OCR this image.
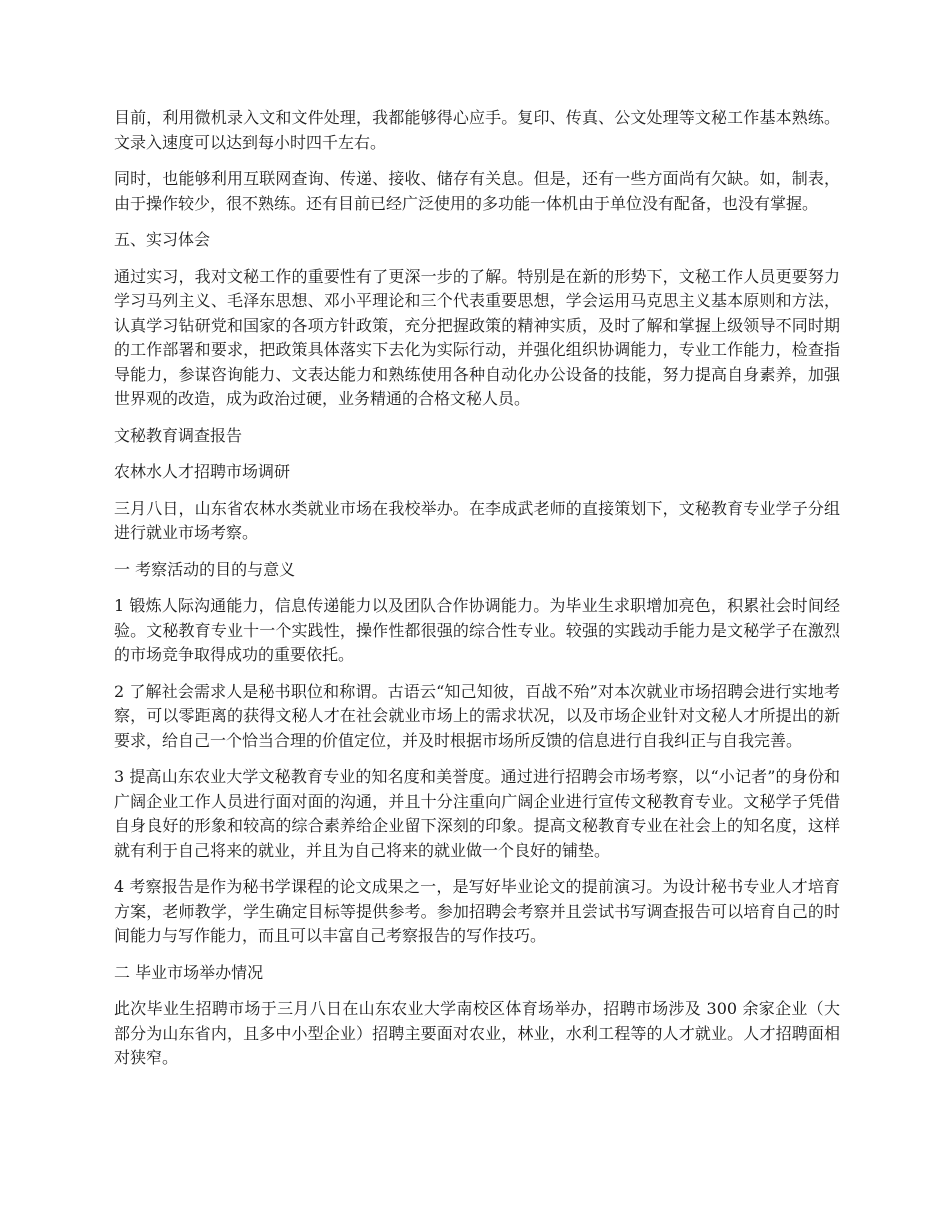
目前，利用微机录入文和文件处理，我都能够得心应手。复印、传真、公文处理等文秘工作基本熟练。文录入速度可以达到每小时四千左右。

同时，也能够利用互联网查询、传递、接收、储存有关息。但是，还有一些方面尚有欠缺。如，制表，由于操作较少，很不熟练。还有目前已经广泛使用的多功能一体机由于单位没有配备，也没有掌握。

五、实习体会

通过实习，我对文秘工作的重要性有了更深一步的了解。特别是在新的形势下，文秘工作人员更要努力学习马列主义、毛泽东思想、邓小平理论和三个代表重要思想，学会运用马克思主义基本原则和方法，认真学习钻研党和国家的各项方针政策，充分把握政策的精神实质，及时了解和掌握上级领导不同时期的工作部署和要求，把政策具体落实下去化为实际行动，并强化组织协调能力，专业工作能力，检查指导能力，参谋咨询能力、文表达能力和熟练使用各种自动化办公设备的技能，努力提高自身素养，加强世界观的改造，成为政治过硬，业务精通的合格文秘人员。

文秘教育调查报告

农林水人才招聘市场调研

三月八日，山东省农林水类就业市场在我校举办。在李成武老师的直接策划下，文秘教育专业学子分组进行就业市场考察。

一 考察活动的目的与意义

1 锻炼人际沟通能力，信息传递能力以及团队合作协调能力。为毕业生求职增加亮色，积累社会时间经验。文秘教育专业十一个实践性，操作性都很强的综合性专业。较强的实践动手能力是文秘学子在激烈的市场竞争取得成功的重要依托。

2 了解社会需求人是秘书职位和称谓。古语云“知己知彼，百战不殆”对本次就业市场招聘会进行实地考察，可以零距离的获得文秘人才在社会就业市场上的需求状况，以及市场企业针对文秘人才所提出的新要求，给自己一个恰当合理的价值定位，并及时根据市场所反馈的信息进行自我纠正与自我完善。

3 提高山东农业大学文秘教育专业的知名度和美誉度。通过进行招聘会市场考察，以“小记者”的身份和广阔企业工作人员进行面对面的沟通，并且十分注重向广阔企业进行宣传文秘教育专业。文秘学子凭借自身良好的形象和较高的综合素养给企业留下深刻的印象。提高文秘教育专业在社会上的知名度，这样就有利于自己将来的就业，并且为自己将来的就业做一个良好的铺垫。

4 考察报告是作为秘书学课程的论文成果之一，是写好毕业论文的提前演习。为设计秘书专业人才培育方案，老师教学，学生确定目标等提供参考。参加招聘会考察并且尝试书写调查报告可以培育自己的时间能力与写作能力，而且可以丰富自己考察报告的写作技巧。

二 毕业市场举办情况

此次毕业生招聘市场于三月八日在山东农业大学南校区体育场举办，招聘市场涉及 300 余家企业（大部分为山东省内，且多中小型企业）招聘主要面对农业，林业，水利工程等的人才就业。人才招聘面相对狭窄。
